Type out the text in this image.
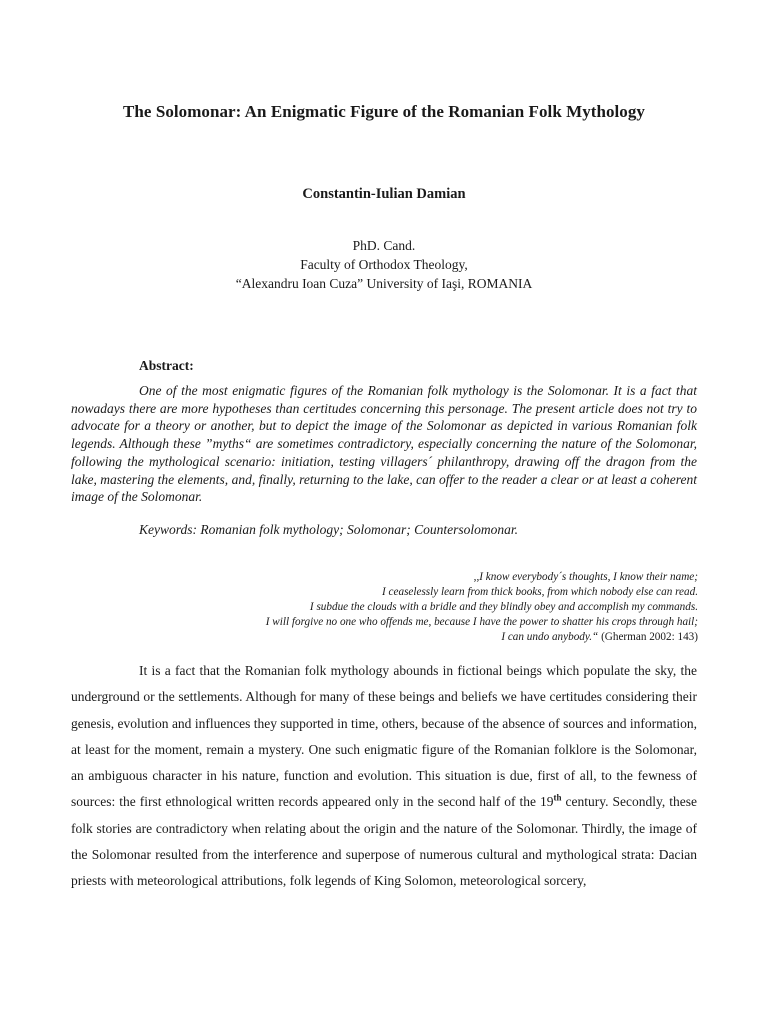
The Solomonar: An Enigmatic Figure of the Romanian Folk Mythology
Constantin-Iulian Damian
PhD. Cand.
Faculty of Orthodox Theology,
“Alexandru Ioan Cuza” University of Iaşi, ROMANIA
Abstract:

One of the most enigmatic figures of the Romanian folk mythology is the Solomonar. It is a fact that nowadays there are more hypotheses than certitudes concerning this personage. The present article does not try to advocate for a theory or another, but to depict the image of the Solomonar as depicted in various Romanian folk legends. Although these ”myths“ are sometimes contradictory, especially concerning the nature of the Solomonar, following the mythological scenario: initiation, testing villagers´ philanthropy, drawing off the dragon from the lake, mastering the elements, and, finally, returning to the lake, can offer to the reader a clear or at least a coherent image of the Solomonar.

Keywords: Romanian folk mythology; Solomonar; Countersolomonar.
,,I know everybody´s thoughts, I know their name;
I ceaselessly learn from thick books, from which nobody else can read.
I subdue the clouds with a bridle and they blindly obey and accomplish my commands.
I will forgive no one who offends me, because I have the power to shatter his crops through hail;
I can undo anybody.“ (Gherman 2002: 143)

It is a fact that the Romanian folk mythology abounds in fictional beings which populate the sky, the underground or the settlements. Although for many of these beings and beliefs we have certitudes considering their genesis, evolution and influences they supported in time, others, because of the absence of sources and information, at least for the moment, remain a mystery. One such enigmatic figure of the Romanian folklore is the Solomonar, an ambiguous character in his nature, function and evolution. This situation is due, first of all, to the fewness of sources: the first ethnological written records appeared only in the second half of the 19th century. Secondly, these folk stories are contradictory when relating about the origin and the nature of the Solomonar. Thirdly, the image of the Solomonar resulted from the interference and superpose of numerous cultural and mythological strata: Dacian priests with meteorological attributions, folk legends of King Solomon, meteorological sorcery,
